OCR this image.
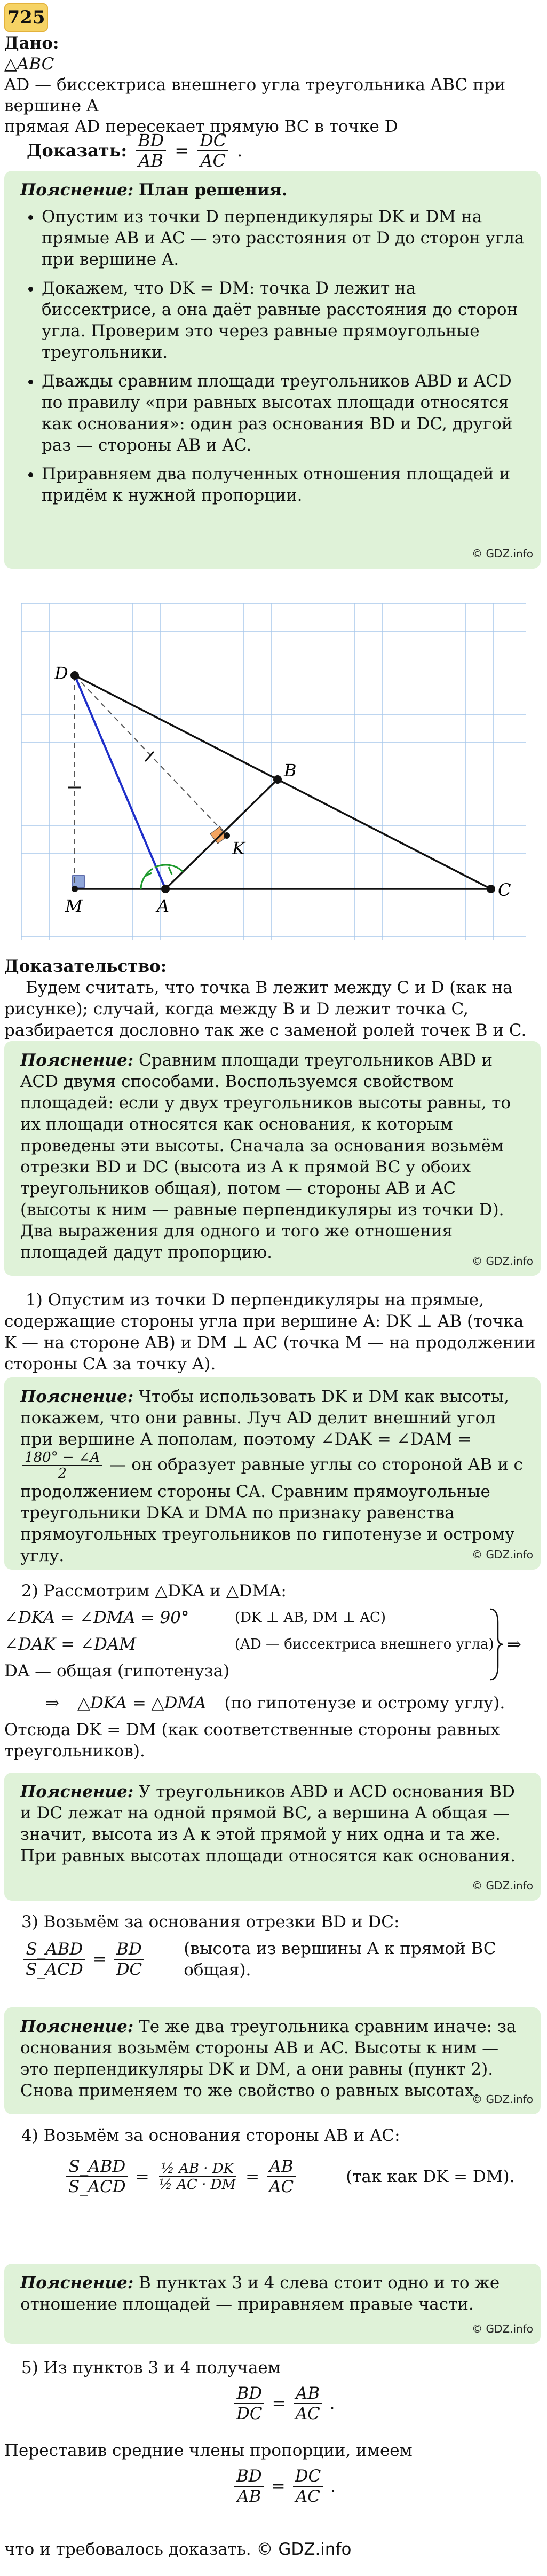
725
Дано:
△ABC
AD — биссектриса внешнего угла треугольника ABC при вершине A
прямая AD пересекает прямую BC в точке D
Доказать: $\frac{BD}{AB} = \frac{DC}{AC}$ .
Пояснение: План решения.
• Опустим из точки D перпендикуляры DK и DM на прямые AB и AC — это расстояния от D до сторон угла при вершине A.
• Докажем, что DK = DM: точка D лежит на биссектрисе, а она даёт равные расстояния до сторон угла. Проверим это через равные прямоугольные треугольники.
• Дважды сравним площади треугольников ABD и ACD по правилу «при равных высотах площади относятся как основания»: один раз основания BD и DC, другой раз — стороны AB и AC.
• Приравняем два полученных отношения площадей и придём к нужной пропорции.
© GDZ.info
D
B
K
M	A
C
Доказательство:
Будем считать, что точка B лежит между C и D (как на рисунке); случай, когда между B и D лежит точка C, разбирается дословно так же с заменой ролей точек B и C.
Пояснение: Сравним площади треугольников ABD и ACD двумя способами. Воспользуемся свойством площадей: если у двух треугольников высоты равны, то их площади относятся как основания, к которым проведены эти высоты. Сначала за основания возьмём отрезки BD и DC (высота из A к прямой BC у обоих треугольников общая), потом — стороны AB и AC (высоты к ним — равные перпендикуляры из точки D). Два выражения для одного и того же отношения площадей дадут пропорцию.	© GDZ.info
1) Опустим из точки D перпендикуляры на прямые, содержащие стороны угла при вершине A: DK ⊥ AB (точка K — на стороне AB) и DM ⊥ AC (точка M — на продолжении стороны CA за точку A).
Пояснение: Чтобы использовать DK и DM как высоты, покажем, что они равны. Луч AD делит внешний угол при вершине A пополам, поэтому ∠DAK = ∠DAM =
$\frac{180^\circ - \angle A}{2}$ — он образует равные углы со стороной AB и с продолжением стороны CA. Сравним прямоугольные треугольники DKA и DMA по признаку равенства прямоугольных треугольников по гипотенузе и острому углу.	© GDZ.info
2) Рассмотрим △DKA и △DMA:
∠DKA = ∠DMA = 90°	(DK ⊥ AB, DM ⊥ AC)
∠DAK = ∠DAM	(AD — биссектриса внешнего угла)
DA — общая (гипотенуза)
⇒
⇒ △DKA = △DMA (по гипотенузе и острому углу).
Отсюда DK = DM (как соответственные стороны равных треугольников).
Пояснение: У треугольников ABD и ACD основания BD и DC лежат на одной прямой BC, а вершина A общая — значит, высота из A к этой прямой у них одна и та же. При равных высотах площади относятся как основания.
© GDZ.info
3) Возьмём за основания отрезки BD и DC:
$\frac{\text{S\_ABD}}{\text{S\_ACD}} = \frac{BD}{DC}$ (высота из вершины A к прямой BC общая).
Пояснение: Те же два треугольника сравним иначе: за основания возьмём стороны AB и AC. Высоты к ним — это перпендикуляры DK и DM, а они равны (пункт 2). Снова применяем то же свойство о равных высотах.
© GDZ.info
4) Возьмём за основания стороны AB и AC:
$\frac{\text{S\_ABD}}{\text{S\_ACD}} = \frac{\text{½ AB · DK}}{\text{½ AC · DM}} = \frac{AB}{AC}$	(так как DK = DM).
Пояснение: В пунктах 3 и 4 слева стоит одно и то же отношение площадей — приравняем правые части.
© GDZ.info
5) Из пунктов 3 и 4 получаем
$\frac{BD}{DC} = \frac{AB}{AC}$ .
Переставив средние члены пропорции, имеем
$\frac{BD}{AB} = \frac{DC}{AC}$ .
что и требовалось доказать. © GDZ.info
